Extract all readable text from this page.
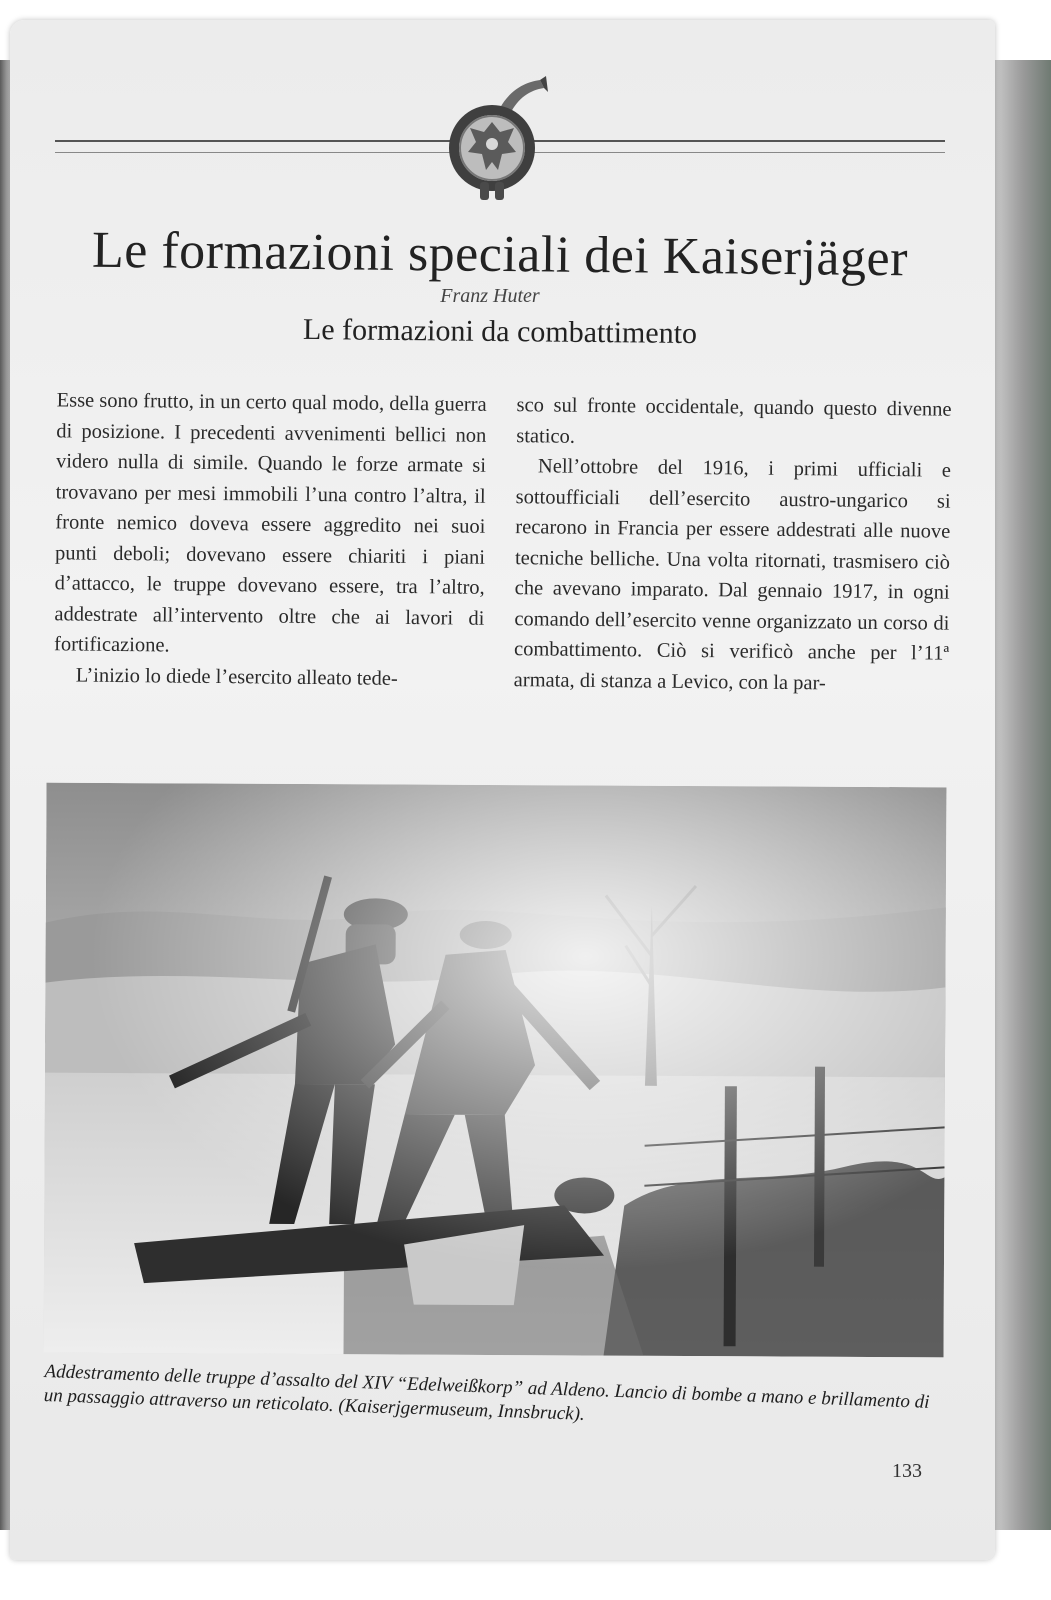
Le formazioni speciali dei Kaiserjäger
Franz Huter
Le formazioni da combattimento

Esse sono frutto, in un certo qual modo, della guerra di posizione. I precedenti avvenimenti bellici non videro nulla di simile. Quando le forze armate si trovavano per mesi immobili l’una contro l’altra, il fronte nemico doveva essere aggredito nei suoi punti deboli; dovevano essere chiariti i piani d’attacco, le truppe dovevano essere, tra l’altro, addestrate all’intervento oltre che ai lavori di fortificazione.

L’inizio lo diede l’esercito alleato tede-

sco sul fronte occidentale, quando questo divenne statico.

Nell’ottobre del 1916, i primi ufficiali e sottoufficiali dell’esercito austro-ungarico si recarono in Francia per essere addestrati alle nuove tecniche belliche. Una volta ritornati, trasmisero ciò che avevano imparato. Dal gennaio 1917, in ogni comando dell’esercito venne organizzato un corso di combattimento. Ciò si verificò anche per l’11ª armata, di stanza a Levico, con la par-

Addestramento delle truppe d’assalto del XIV “Edelweißkorp” ad Aldeno. Lancio di bombe a mano e brillamento di un passaggio attraverso un reticolato. (Kaiserjgermuseum, Innsbruck).
133
